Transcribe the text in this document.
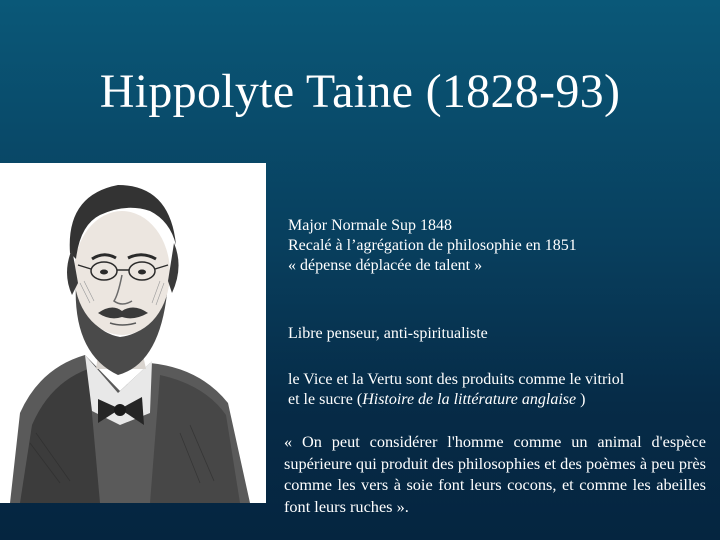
Hippolyte Taine (1828-93)
Major Normale Sup 1848
Recalé à l’agrégation de philosophie en 1851
« dépense déplacée de talent »
Libre penseur, anti-spiritualiste
le Vice et la Vertu sont des produits comme le vitriol
et le sucre (Histoire de la littérature anglaise )
« On peut considérer l'homme comme un animal d'espèce supérieure qui produit des philosophies et des poèmes à peu près comme les vers à soie font leurs cocons, et comme les abeilles font leurs ruches ».
